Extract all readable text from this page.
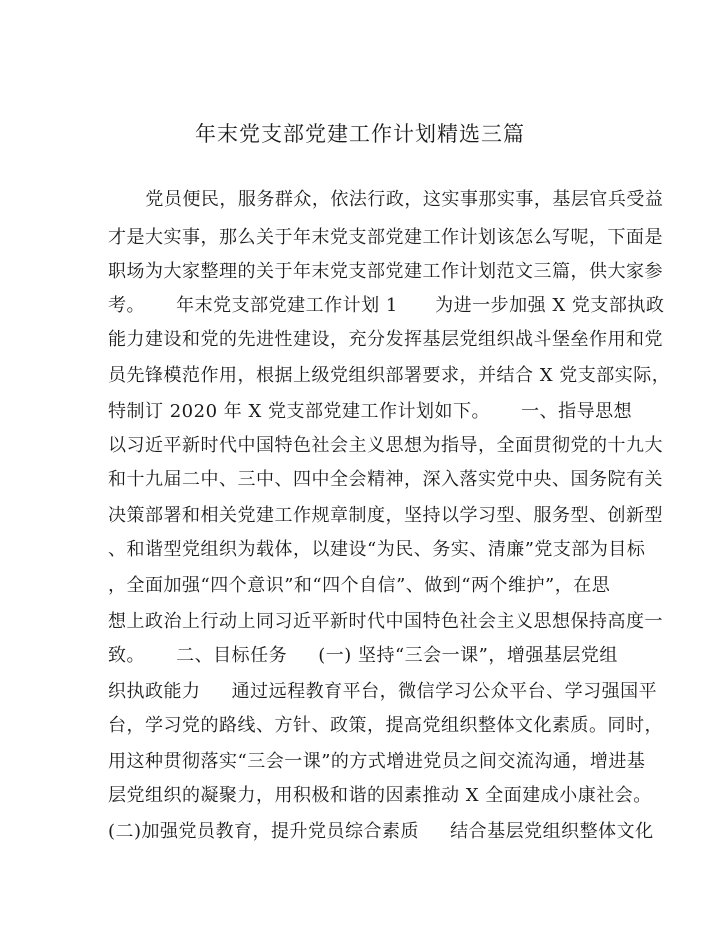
年末党支部党建工作计划精选三篇
党员便民，服务群众，依法行政，这实事那实事，基层官兵受益
才是大实事，那么关于年末党支部党建工作计划该怎么写呢，下面是
职场为大家整理的关于年末党支部党建工作计划范文三篇，供大家参
考。     年末党支部党建工作计划 1      为进一步加强 X 党支部执政
能力建设和党的先进性建设，充分发挥基层党组织战斗堡垒作用和党
员先锋模范作用，根据上级党组织部署要求，并结合 X 党支部实际，
特制订 2020 年 X 党支部党建工作计划如下。     一、指导思想
以习近平新时代中国特色社会主义思想为指导，全面贯彻党的十九大
和十九届二中、三中、四中全会精神，深入落实党中央、国务院有关
决策部署和相关党建工作规章制度，坚持以学习型、服务型、创新型
、和谐型党组织为载体，以建设“为民、务实、清廉”党支部为目标
，全面加强“四个意识”和“四个自信”、做到“两个维护”，在思
想上政治上行动上同习近平新时代中国特色社会主义思想保持高度一
致。     二、目标任务     (一) 坚持“三会一课”，增强基层党组
织执政能力     通过远程教育平台，微信学习公众平台、学习强国平
台，学习党的路线、方针、政策，提高党组织整体文化素质。同时，
用这种贯彻落实“三会一课”的方式增进党员之间交流沟通，增进基
层党组织的凝聚力，用积极和谐的因素推动 X 全面建成小康社会。
(二)加强党员教育，提升党员综合素质     结合基层党组织整体文化
